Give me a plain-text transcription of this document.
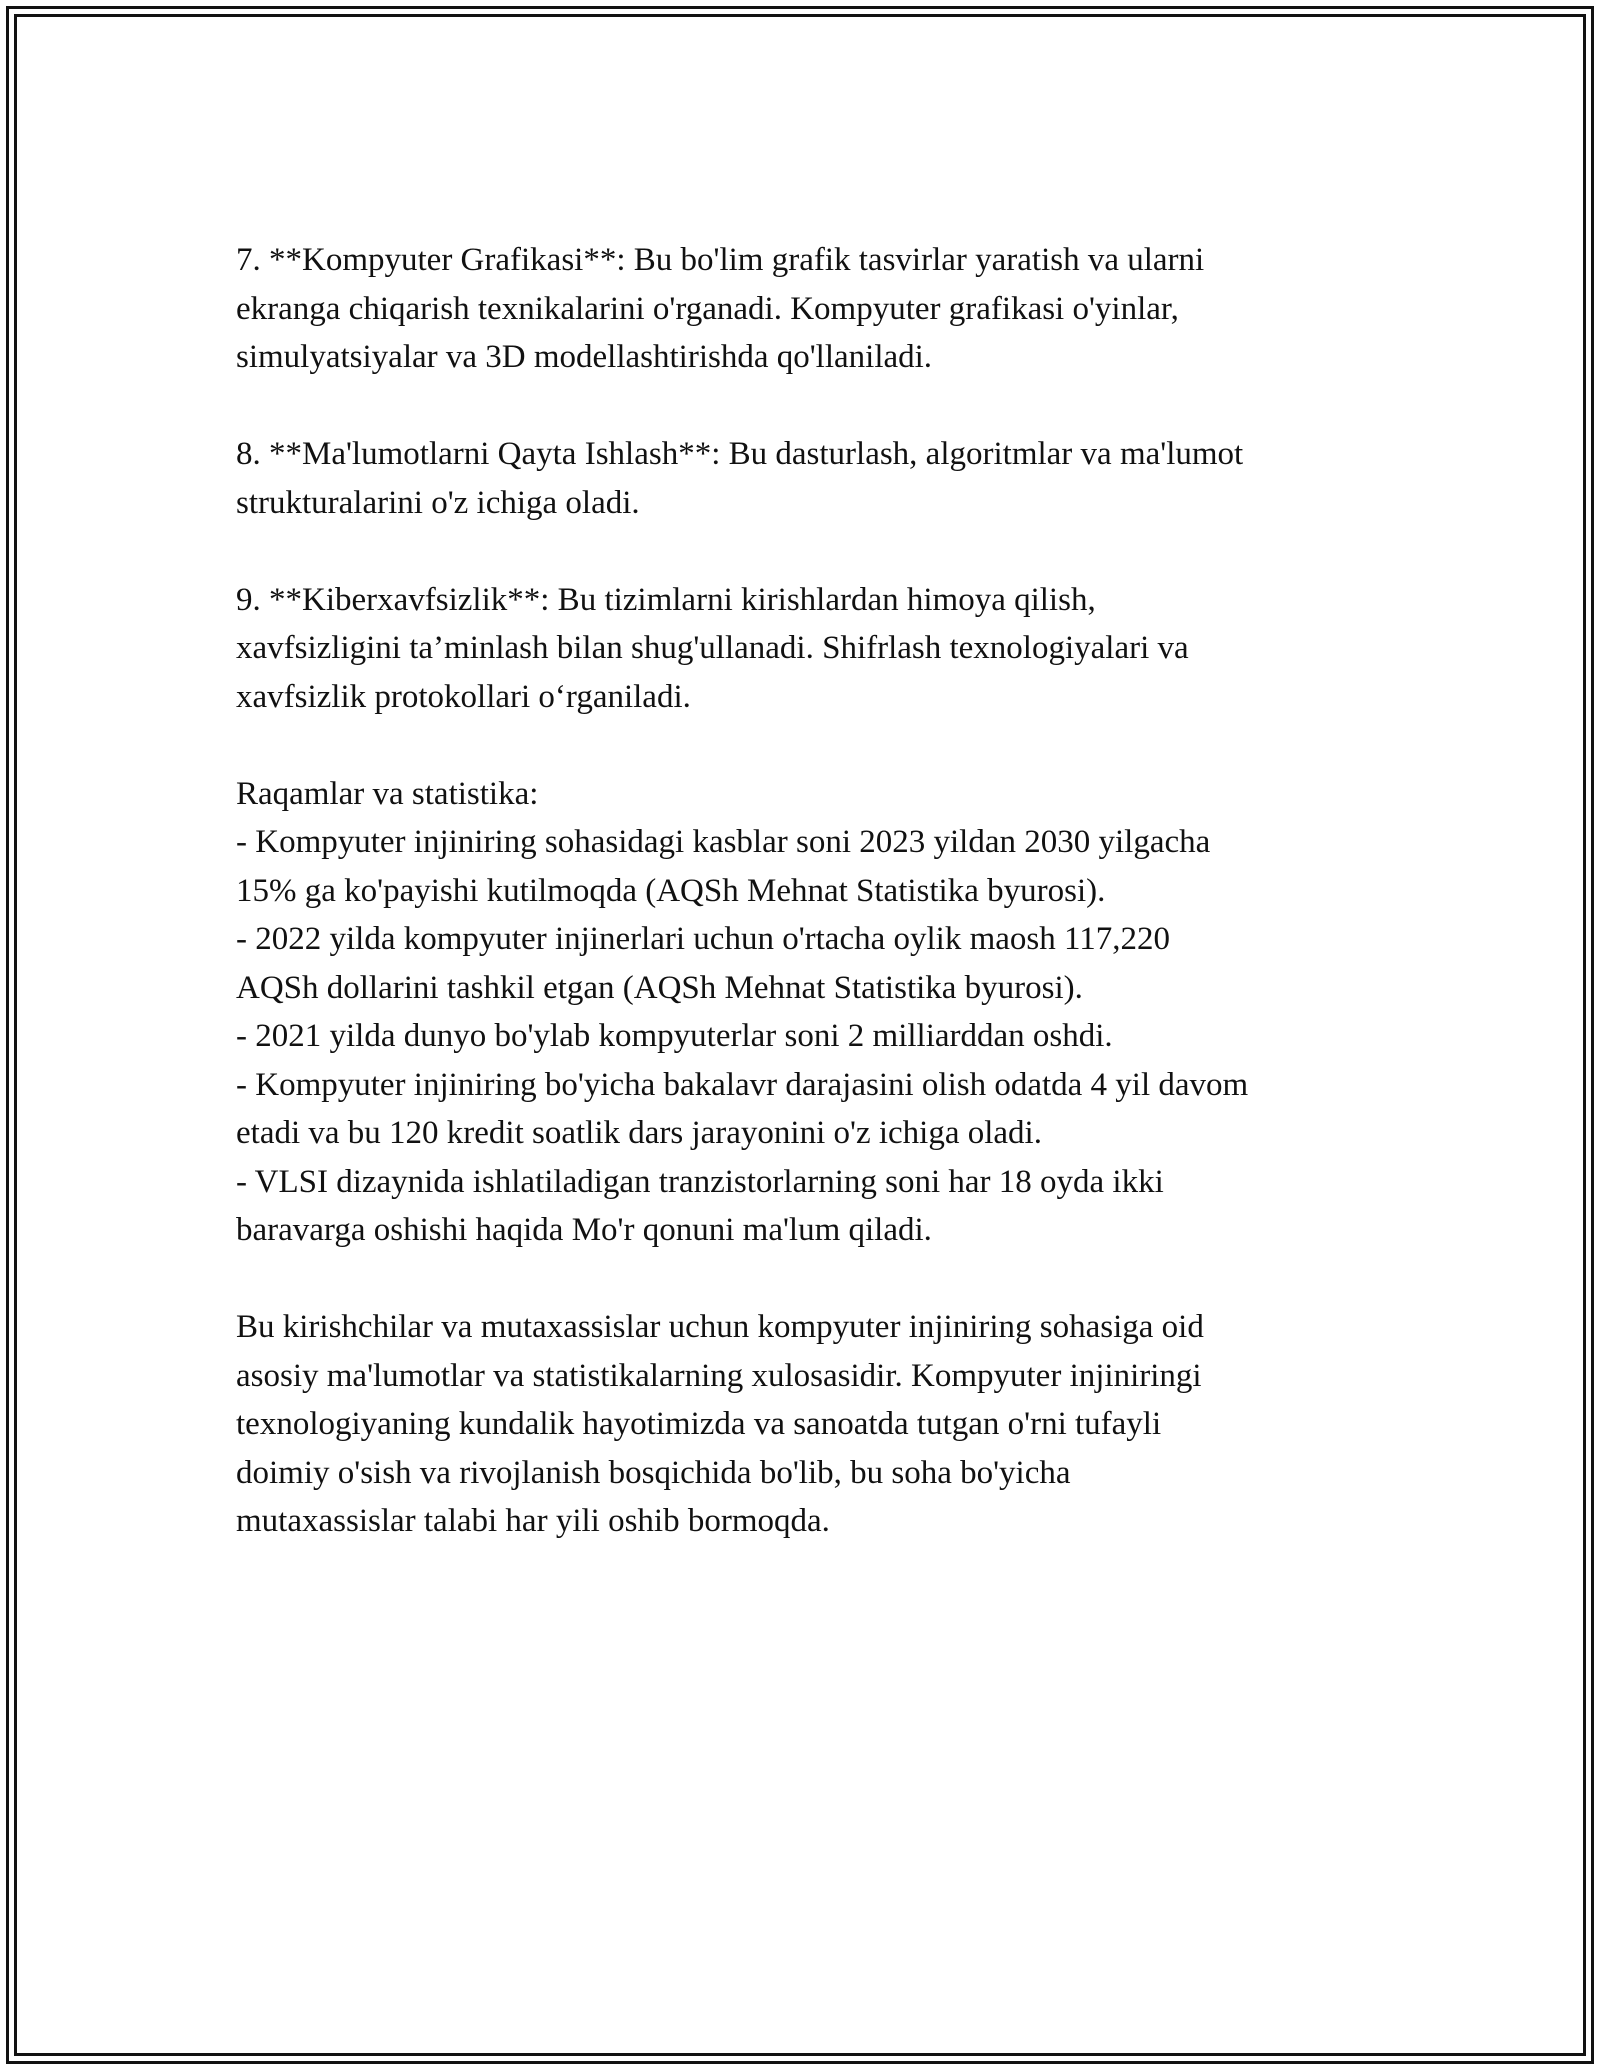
7. **Kompyuter Grafikasi**: Bu bo'lim grafik tasvirlar yaratish va ularni
ekranga chiqarish texnikalarini o'rganadi. Kompyuter grafikasi o'yinlar,
simulyatsiyalar va 3D modellashtirishda qo'llaniladi.

8. **Ma'lumotlarni Qayta Ishlash**: Bu dasturlash, algoritmlar va ma'lumot
strukturalarini o'z ichiga oladi.

9. **Kiberxavfsizlik**: Bu tizimlarni kirishlardan himoya qilish,
xavfsizligini ta’minlash bilan shug'ullanadi. Shifrlash texnologiyalari va
xavfsizlik protokollari o‘rganiladi.

Raqamlar va statistika:
- Kompyuter injiniring sohasidagi kasblar soni 2023 yildan 2030 yilgacha
15% ga ko'payishi kutilmoqda (AQSh Mehnat Statistika byurosi).
- 2022 yilda kompyuter injinerlari uchun o'rtacha oylik maosh 117,220
AQSh dollarini tashkil etgan (AQSh Mehnat Statistika byurosi).
- 2021 yilda dunyo bo'ylab kompyuterlar soni 2 milliarddan oshdi.
- Kompyuter injiniring bo'yicha bakalavr darajasini olish odatda 4 yil davom
etadi va bu 120 kredit soatlik dars jarayonini o'z ichiga oladi.
- VLSI dizaynida ishlatiladigan tranzistorlarning soni har 18 oyda ikki
baravarga oshishi haqida Mo'r qonuni ma'lum qiladi.

Bu kirishchilar va mutaxassislar uchun kompyuter injiniring sohasiga oid
asosiy ma'lumotlar va statistikalarning xulosasidir. Kompyuter injiniringi
texnologiyaning kundalik hayotimizda va sanoatda tutgan o'rni tufayli
doimiy o'sish va rivojlanish bosqichida bo'lib, bu soha bo'yicha
mutaxassislar talabi har yili oshib bormoqda.
